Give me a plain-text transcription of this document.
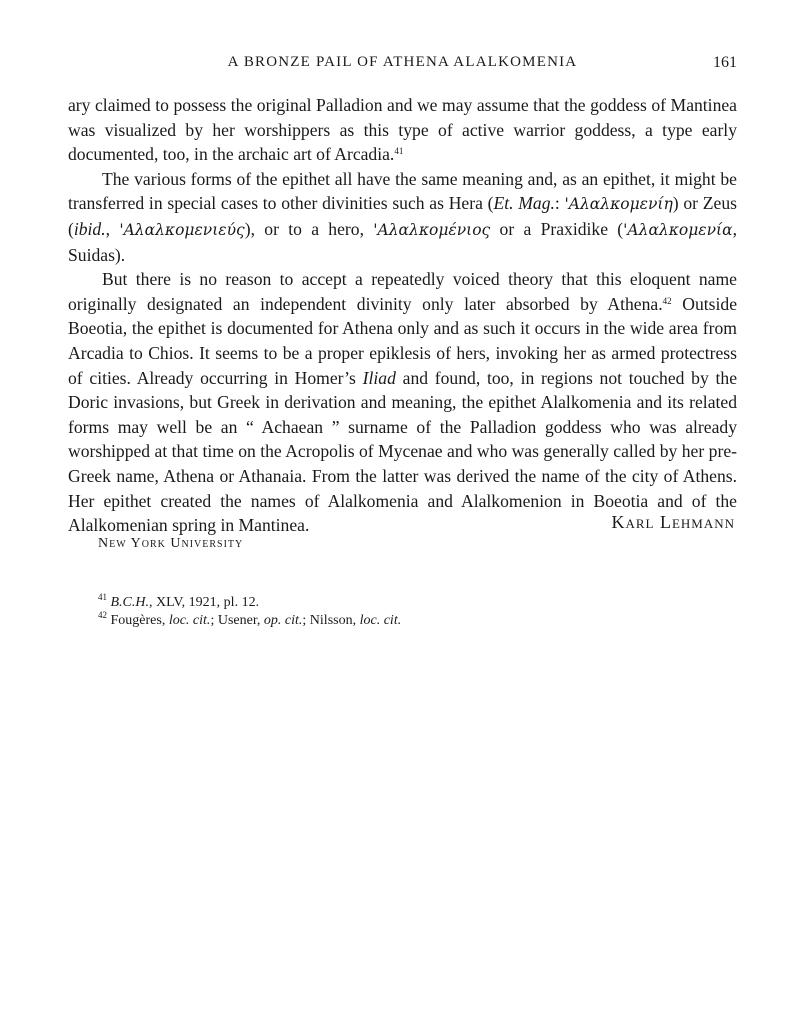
A BRONZE PAIL OF ATHENA ALALKOMENIA	161

ary claimed to possess the original Palladion and we may assume that the goddess of Mantinea was visualized by her worshippers as this type of active warrior goddess, a type early documented, too, in the archaic art of Arcadia.$^{41}$

The various forms of the epithet all have the same meaning and, as an epithet, it might be transferred in special cases to other divinities such as Hera (Et. Mag.: 'Αλαλκομενίη) or Zeus (ibid., 'Αλαλκομενιεύς), or to a hero, 'Αλαλκομένιος or a Praxidike ('Αλαλκομενία, Suidas).

But there is no reason to accept a repeatedly voiced theory that this eloquent name originally designated an independent divinity only later absorbed by Athena.$^{42}$ Outside Boeotia, the epithet is documented for Athena only and as such it occurs in the wide area from Arcadia to Chios. It seems to be a proper epiklesis of hers, invoking her as armed protectress of cities. Already occurring in Homer’s Iliad and found, too, in regions not touched by the Doric invasions, but Greek in derivation and meaning, the epithet Alalkomenia and its related forms may well be an “ Achaean ” surname of the Palladion goddess who was already worshipped at that time on the Acropolis of Mycenae and who was generally called by her pre-Greek name, Athena or Athanaia. From the latter was derived the name of the city of Athens. Her epithet created the names of Alalkomenia and Alalkomenion in Boeotia and of the Alalkomenian spring in Mantinea.	Karl Lehmann
New York University

$^{41}$ B.C.H., XLV, 1921, pl. 12.

$^{42}$ Fougères, loc. cit.; Usener, op. cit.; Nilsson, loc. cit.
